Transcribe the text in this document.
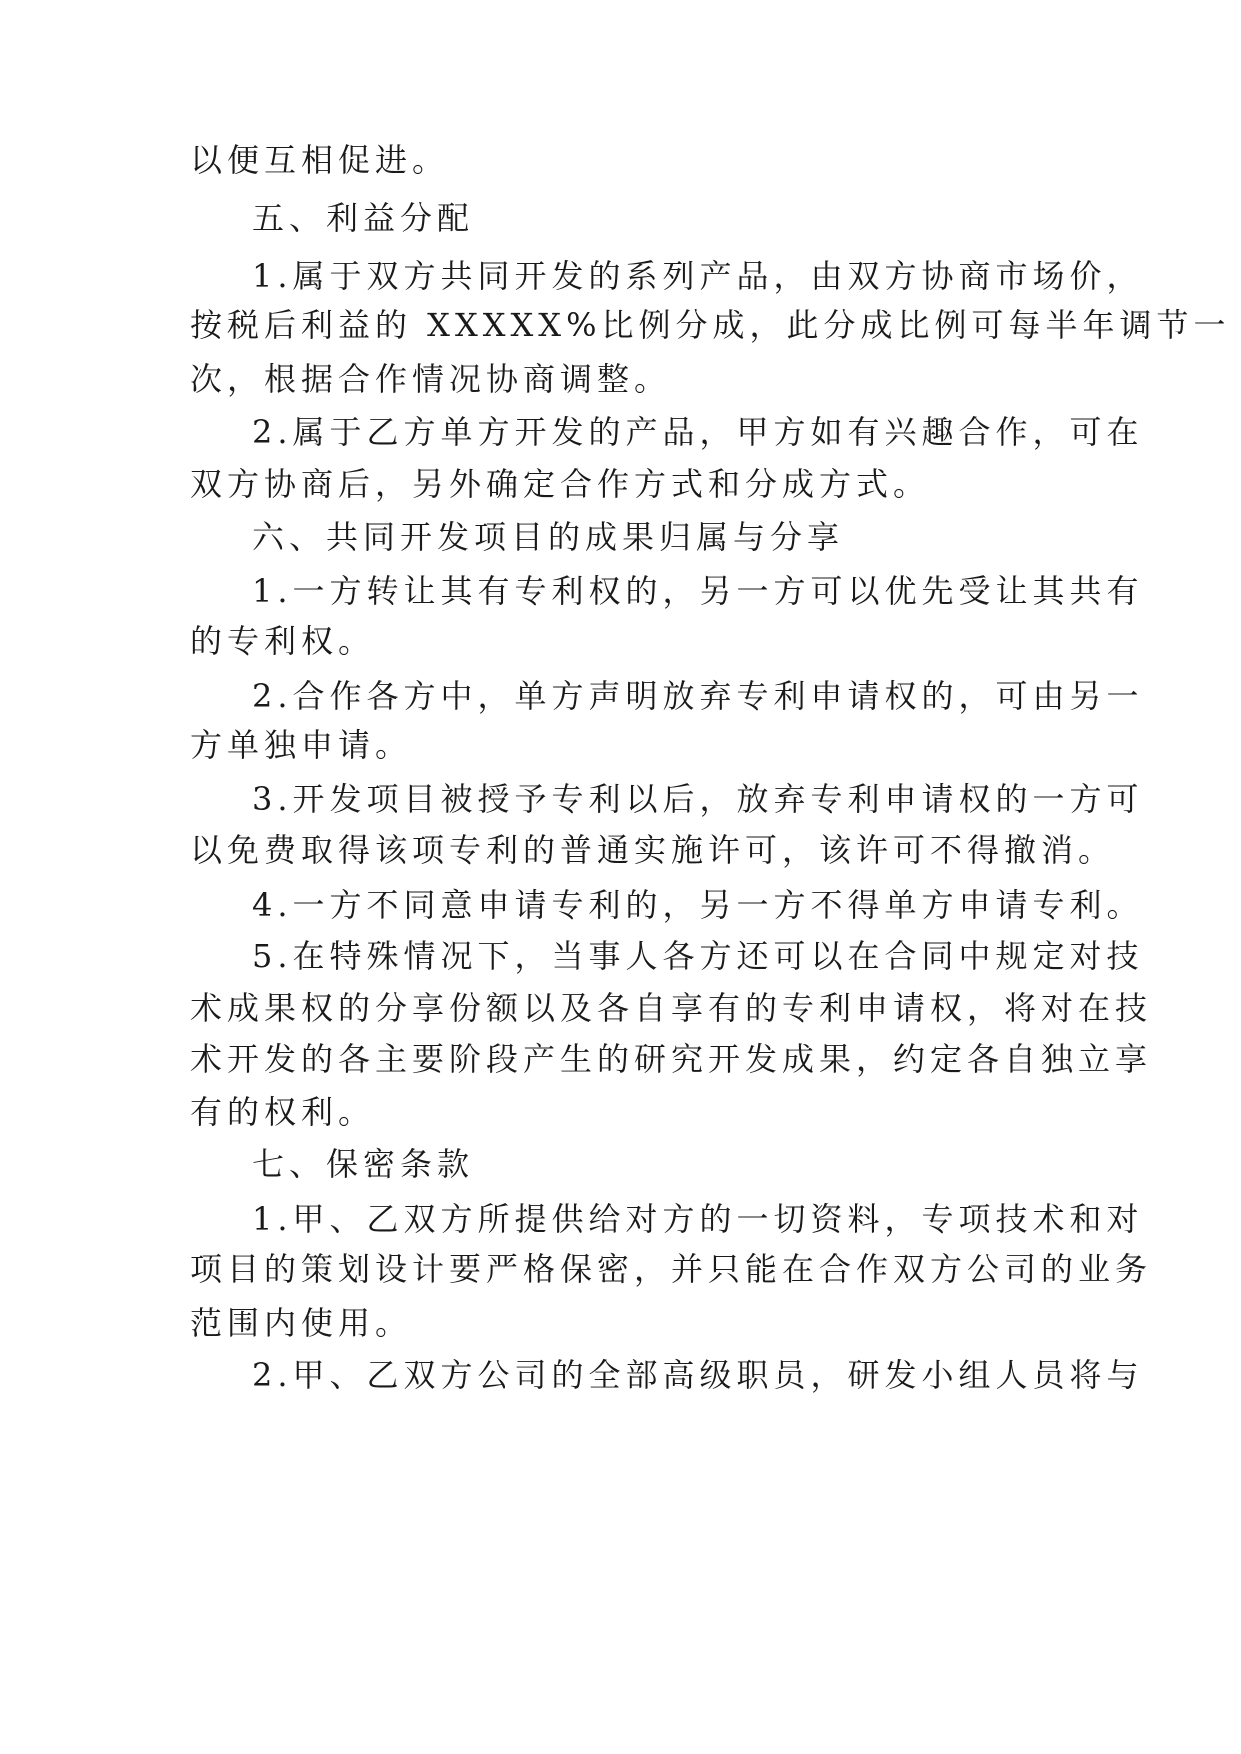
以便互相促进。
五、利益分配
1.属于双方共同开发的系列产品，由双方协商市场价，
按税后利益的 XXXXX%比例分成，此分成比例可每半年调节一
次，根据合作情况协商调整。
2.属于乙方单方开发的产品，甲方如有兴趣合作，可在
双方协商后，另外确定合作方式和分成方式。
六、共同开发项目的成果归属与分享
1.一方转让其有专利权的，另一方可以优先受让其共有
的专利权。
2.合作各方中，单方声明放弃专利申请权的，可由另一
方单独申请。
3.开发项目被授予专利以后，放弃专利申请权的一方可
以免费取得该项专利的普通实施许可，该许可不得撤消。
4.一方不同意申请专利的，另一方不得单方申请专利。
5.在特殊情况下，当事人各方还可以在合同中规定对技
术成果权的分享份额以及各自享有的专利申请权，将对在技
术开发的各主要阶段产生的研究开发成果，约定各自独立享
有的权利。
七、保密条款
1.甲、乙双方所提供给对方的一切资料，专项技术和对
项目的策划设计要严格保密，并只能在合作双方公司的业务
范围内使用。
2.甲、乙双方公司的全部高级职员，研发小组人员将与
